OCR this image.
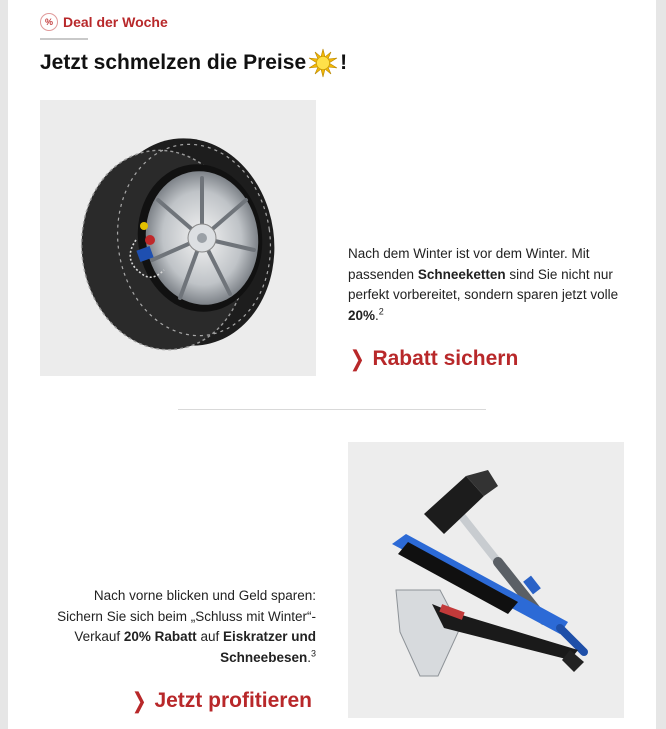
% Deal der Woche
Jetzt schmelzen die Preise !
Nach dem Winter ist vor dem Winter. Mit passenden Schneeketten sind Sie nicht nur perfekt vorbereitet, sondern sparen jetzt volle 20%.$^2$
❯ Rabatt sichern
Nach vorne blicken und Geld sparen: Sichern Sie sich beim „Schluss mit Winter“-Verkauf 20% Rabatt auf Eiskratzer und Schneebesen.$^3$
❯ Jetzt profitieren
